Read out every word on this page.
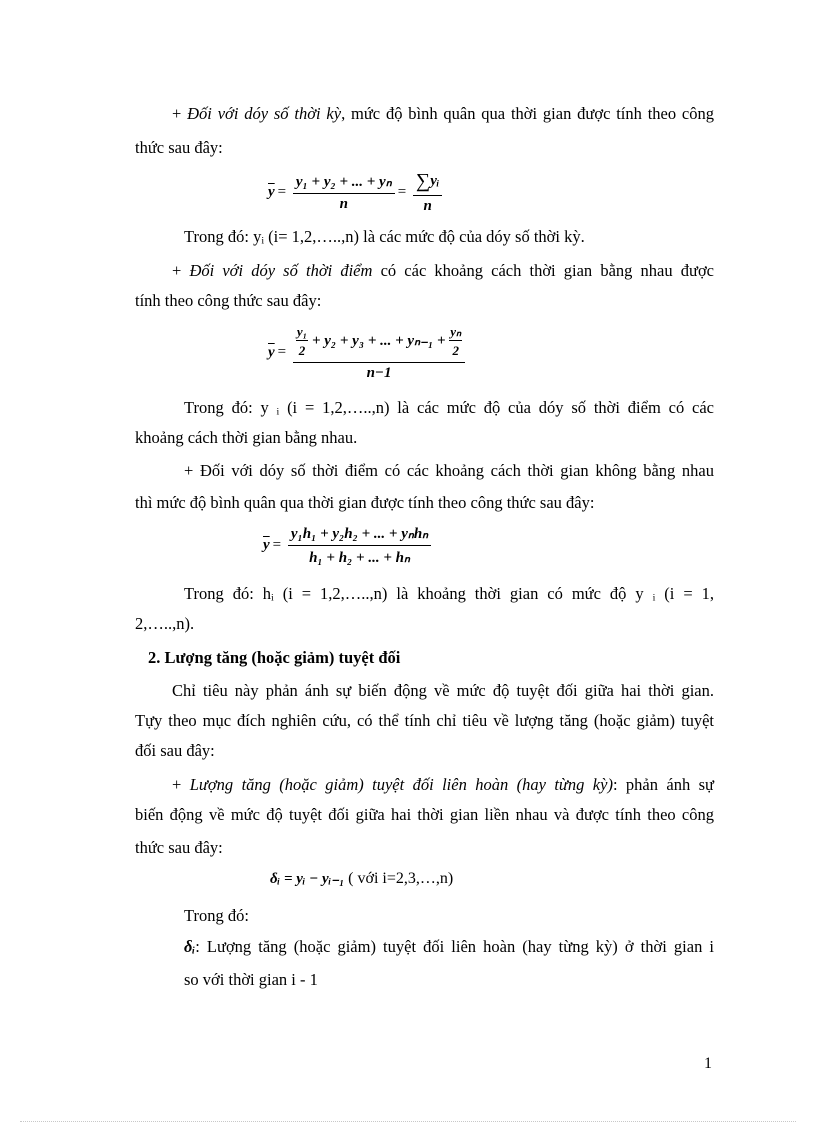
+ Đối với dóy số thời kỳ, mức độ bình quân qua thời gian được tính theo công
thức sau đây:
$\overline{y} = \frac{\text{y₁ + y₂ + ... + yₙ}}{n} = \frac{\text{∑yᵢ}}{n}$
Trong đó: yᵢ (i= 1,2,…..,n) là các mức độ của dóy số thời kỳ.
+ Đối với dóy số thời điểm có các khoảng cách thời gian bằng nhau được
tính theo công thức sau đây:
$\overline{y} = \frac{\text{y₁}}{2} + y_2 + y_3$ + ... + $y_{n-1} + \frac{\text{yₙ}}{2}$
n−1
Trong đó: y ᵢ (i = 1,2,…..,n) là các mức độ của dóy số thời điểm có các
khoảng cách thời gian bằng nhau.
+ Đối với dóy số thời điểm có các khoảng cách thời gian không bằng nhau
thì mức độ bình quân qua thời gian được tính theo công thức sau đây:
$\overline{y} = \frac{\text{y₁h₁ + y₂h₂ + ... + yₙhₙ}}{\text{h₁ + h₂ + ... + hₙ}}$
Trong đó: hᵢ (i = 1,2,…..,n) là khoảng thời gian có mức độ y ᵢ (i = 1,
2,…..,n).
2. Lượng tăng (hoặc giảm) tuyệt đối
Chỉ tiêu này phản ánh sự biến động về mức độ tuyệt đối giữa hai thời gian.
Tựy theo mục đích nghiên cứu, có thể tính chỉ tiêu về lượng tăng (hoặc giảm) tuyệt
đối sau đây:
+ Lượng tăng (hoặc giảm) tuyệt đối liên hoàn (hay từng kỳ): phản ánh sự
biến động về mức độ tuyệt đối giữa hai thời gian liền nhau và được tính theo công
thức sau đây:
δᵢ = yᵢ − yᵢ₋₁ ( với i=2,3,…,n)
Trong đó:
δᵢ: Lượng tăng (hoặc giảm) tuyệt đối liên hoàn (hay từng kỳ) ở thời gian i
so với thời gian i - 1
1
